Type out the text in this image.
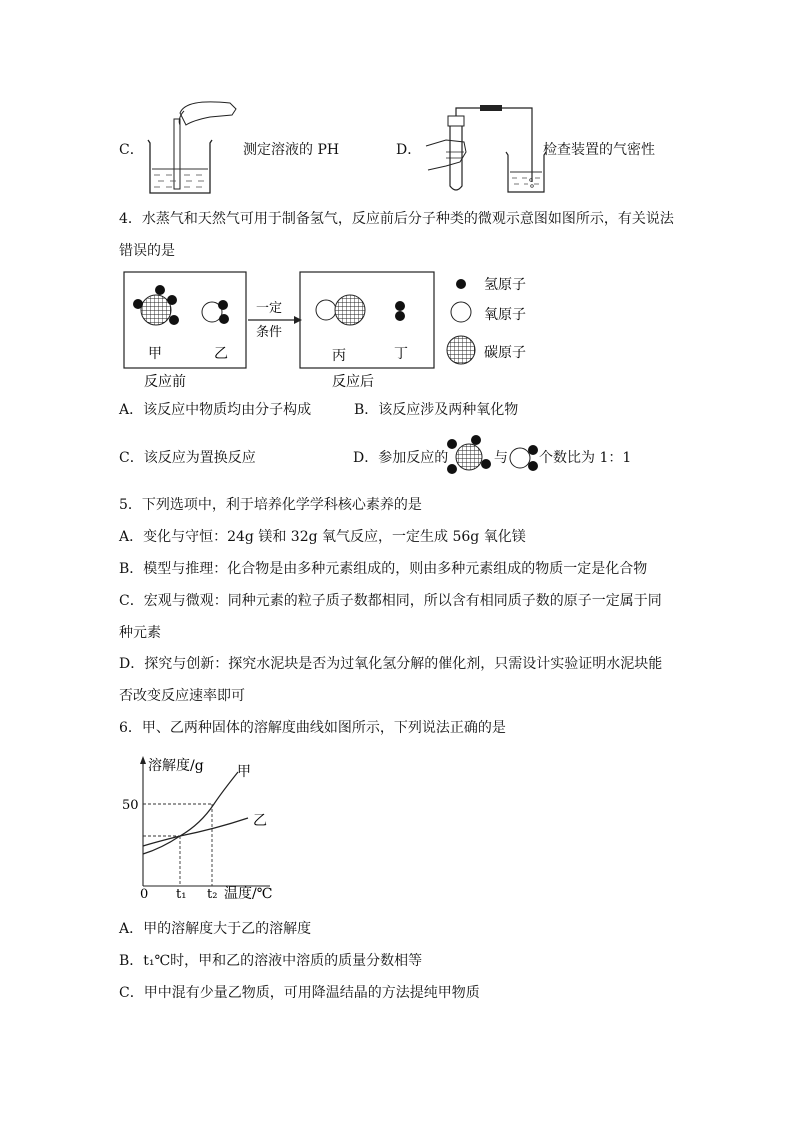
C．	测定溶液的 PH	D．	检查装置的气密性
4．水蒸气和天然气可用于制备氢气，反应前后分子种类的微观示意图如图所示，有关说法
错误的是
甲	乙
一定
条件
丙	丁
反应前	反应后
氢原子
氧原子
碳原子
A．该反应中物质均由分子构成	B．该反应涉及两种氧化物
C．该反应为置换反应	D．参加反应的	与 个数比为 1：1
5．下列选项中，利于培养化学学科核心素养的是
A．变化与守恒：24g 镁和 32g 氧气反应，一定生成 56g 氧化镁
B．模型与推理：化合物是由多种元素组成的，则由多种元素组成的物质一定是化合物
C．宏观与微观：同种元素的粒子质子数都相同，所以含有相同质子数的原子一定属于同
种元素
D．探究与创新：探究水泥块是否为过氧化氢分解的催化剂，只需设计实验证明水泥块能
否改变反应速率即可
6．甲、乙两种固体的溶解度曲线如图所示，下列说法正确的是
溶解度/g 甲
乙
50
0 t₁ t₂ 温度/℃
A．甲的溶解度大于乙的溶解度
B．t₁℃时，甲和乙的溶液中溶质的质量分数相等
C．甲中混有少量乙物质，可用降温结晶的方法提纯甲物质
